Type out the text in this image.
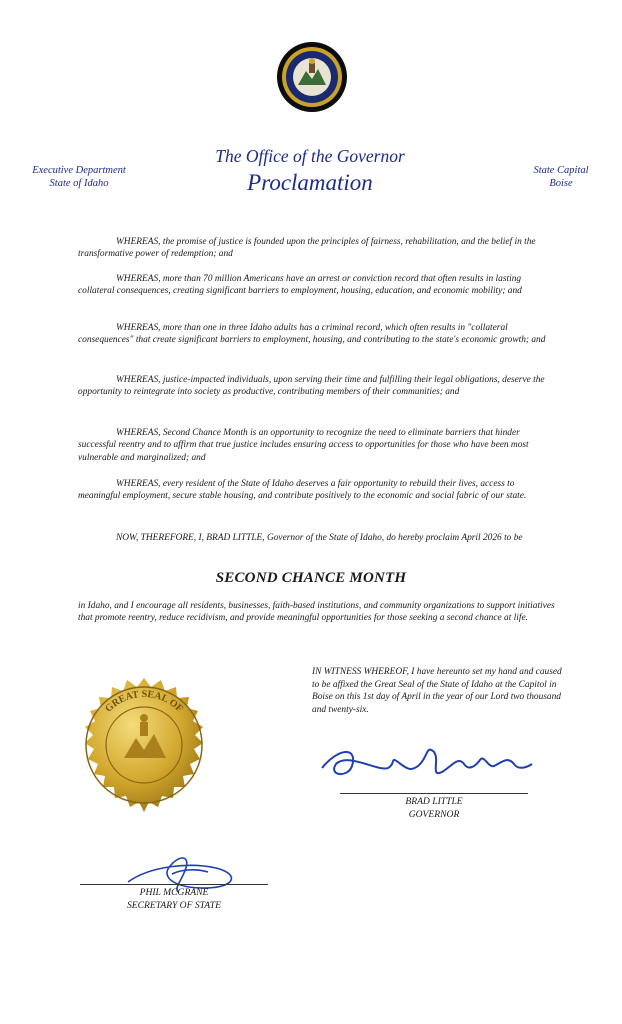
Executive Department
State of Idaho
The Office of the Governor
Proclamation	State Capital
Boise

WHEREAS, the promise of justice is founded upon the principles of fairness, rehabilitation, and the belief in the transformative power of redemption; and

WHEREAS, more than 70 million Americans have an arrest or conviction record that often results in lasting collateral consequences, creating significant barriers to employment, housing, education, and economic mobility; and

WHEREAS, more than one in three Idaho adults has a criminal record, which often results in "collateral consequences" that create significant barriers to employment, housing, and contributing to the state's economic growth; and

WHEREAS, justice-impacted individuals, upon serving their time and fulfilling their legal obligations, deserve the opportunity to reintegrate into society as productive, contributing members of their communities; and

WHEREAS, Second Chance Month is an opportunity to recognize the need to eliminate barriers that hinder successful reentry and to affirm that true justice includes ensuring access to opportunities for those who have been most vulnerable and marginalized; and

WHEREAS, every resident of the State of Idaho deserves a fair opportunity to rebuild their lives, access to meaningful employment, secure stable housing, and contribute positively to the economic and social fabric of our state.

NOW, THEREFORE, I, BRAD LITTLE, Governor of the State of Idaho, do hereby proclaim April 2026 to be

SECOND CHANCE MONTH

in Idaho, and I encourage all residents, businesses, faith-based institutions, and community organizations to support initiatives that promote reentry, reduce recidivism, and provide meaningful opportunities for those seeking a second chance at life.

IN WITNESS WHEREOF, I have hereunto set my hand and caused to be affixed the Great Seal of the State of Idaho at the Capitol in Boise on this 1st day of April in the year of our Lord two thousand and twenty-six.

GREAT SEAL OF
BRAD LITTLE
GOVERNOR
PHIL MCGRANE
SECRETARY OF STATE
